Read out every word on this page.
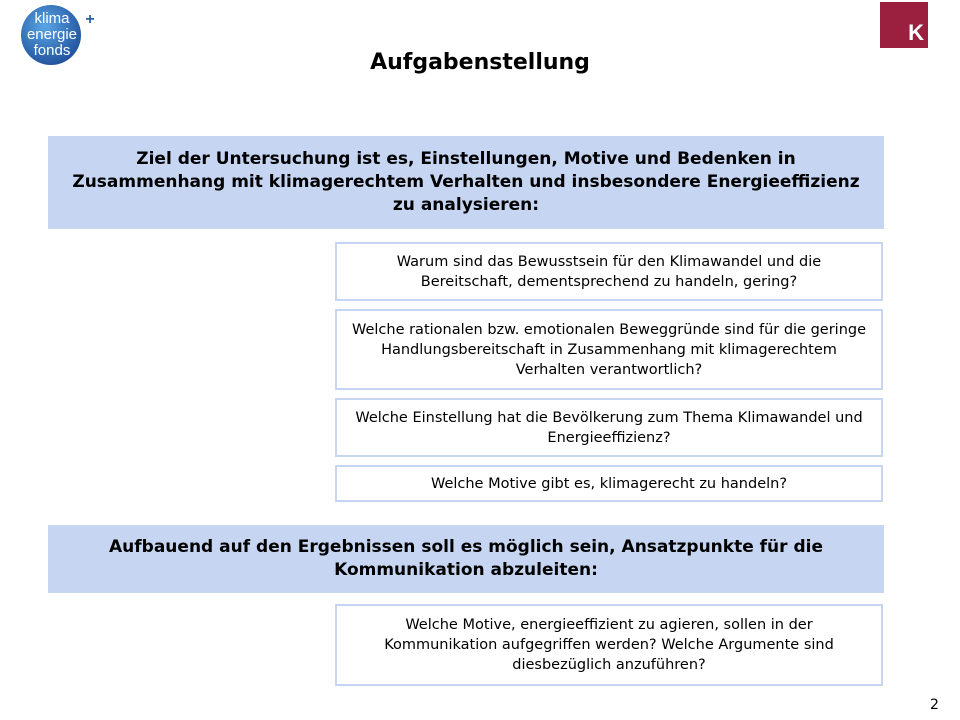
klima +
energie
fonds
K
Aufgabenstellung
Ziel der Untersuchung ist es, Einstellungen, Motive und Bedenken in Zusammenhang mit klimagerechtem Verhalten und insbesondere Energieeffizienz zu analysieren:
Warum sind das Bewusstsein für den Klimawandel und die Bereitschaft, dementsprechend zu handeln, gering?
Welche rationalen bzw. emotionalen Beweggründe sind für die geringe Handlungsbereitschaft in Zusammenhang mit klimagerechtem Verhalten verantwortlich?
Welche Einstellung hat die Bevölkerung zum Thema Klimawandel und Energieeffizienz?
Welche Motive gibt es, klimagerecht zu handeln?
Aufbauend auf den Ergebnissen soll es möglich sein, Ansatzpunkte für die Kommunikation abzuleiten:
Welche Motive, energieeffizient zu agieren, sollen in der Kommunikation aufgegriffen werden? Welche Argumente sind diesbezüglich anzuführen?
2
